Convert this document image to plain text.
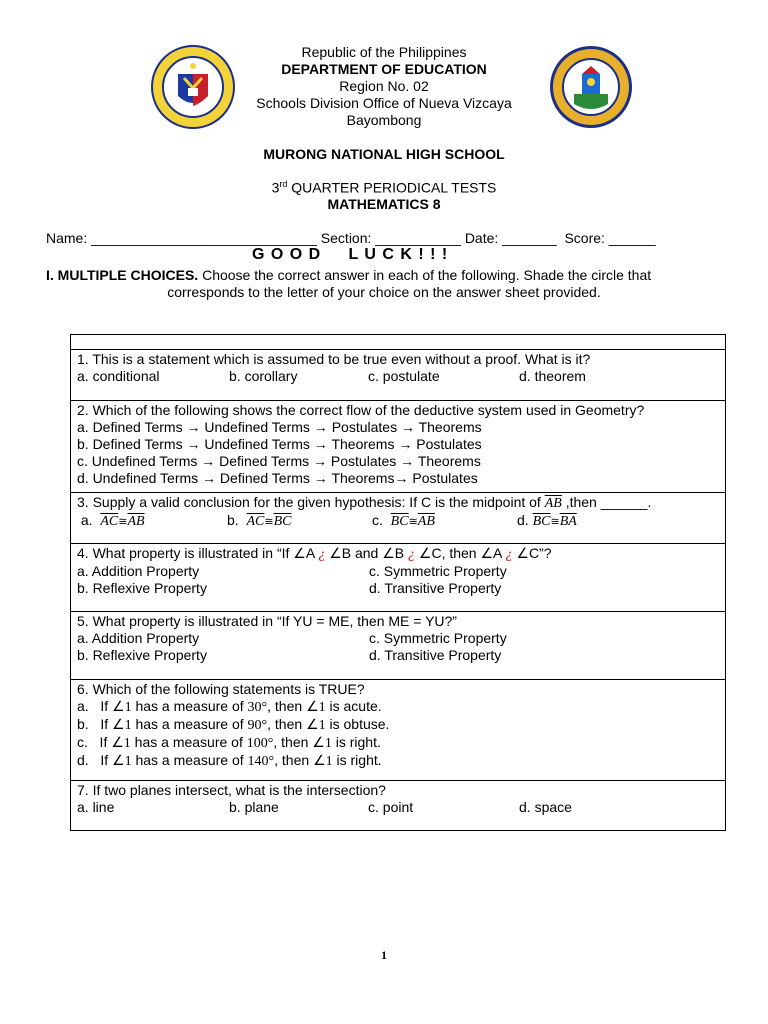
Republic of the Philippines
DEPARTMENT OF EDUCATION
Region No. 02
Schools Division Office of Nueva Vizcaya
Bayombong
MURONG NATIONAL HIGH SCHOOL
3rd QUARTER PERIODICAL TESTS
MATHEMATICS 8
Name: _____________________________ Section: ___________ Date: _______  Score: ______
G O O D     L U C K ! ! !
I. MULTIPLE CHOICES. Choose the correct answer in each of the following. Shade the circle that
corresponds to the letter of your choice on the answer sheet provided.
1. This is a statement which is assumed to be true even without a proof. What is it?
a. conditional	b. corollary	c. postulate	d. theorem
2. Which of the following shows the correct flow of the deductive system used in Geometry?
a. Defined Terms → Undefined Terms → Postulates → Theorems
b. Defined Terms → Undefined Terms → Theorems → Postulates
c. Undefined Terms → Defined Terms → Postulates → Theorems
d. Undefined Terms → Defined Terms → Theorems→ Postulates
3. Supply a valid conclusion for the given hypothesis: If C is the midpoint of $\overline{AB}$ ,then ______.
a. $\overline{AC}≅\overline{AB}$	b. $\overline{AC}≅\overline{BC}$	c. $\overline{BC}≅\overline{AB}$	d. $\overline{BC}≅\overline{BA}$
4. What property is illustrated in “If ∠A ¿ ∠B and ∠B ¿ ∠C, then ∠A ¿ ∠C”?
a. Addition Property	c. Symmetric Property
b. Reflexive Property	d. Transitive Property
5. What property is illustrated in “If YU = ME, then ME = YU?”
a. Addition Property	c. Symmetric Property
b. Reflexive Property	d. Transitive Property
6. Which of the following statements is TRUE?
a.   If ∠1 has a measure of 30°, then ∠1 is acute.
b.   If ∠1 has a measure of 90°, then ∠1 is obtuse.
c.   If ∠1 has a measure of 100°, then ∠1 is right.
d.   If ∠1 has a measure of 140°, then ∠1 is right.
7. If two planes intersect, what is the intersection?
a. line	b. plane	c. point	d. space
1
